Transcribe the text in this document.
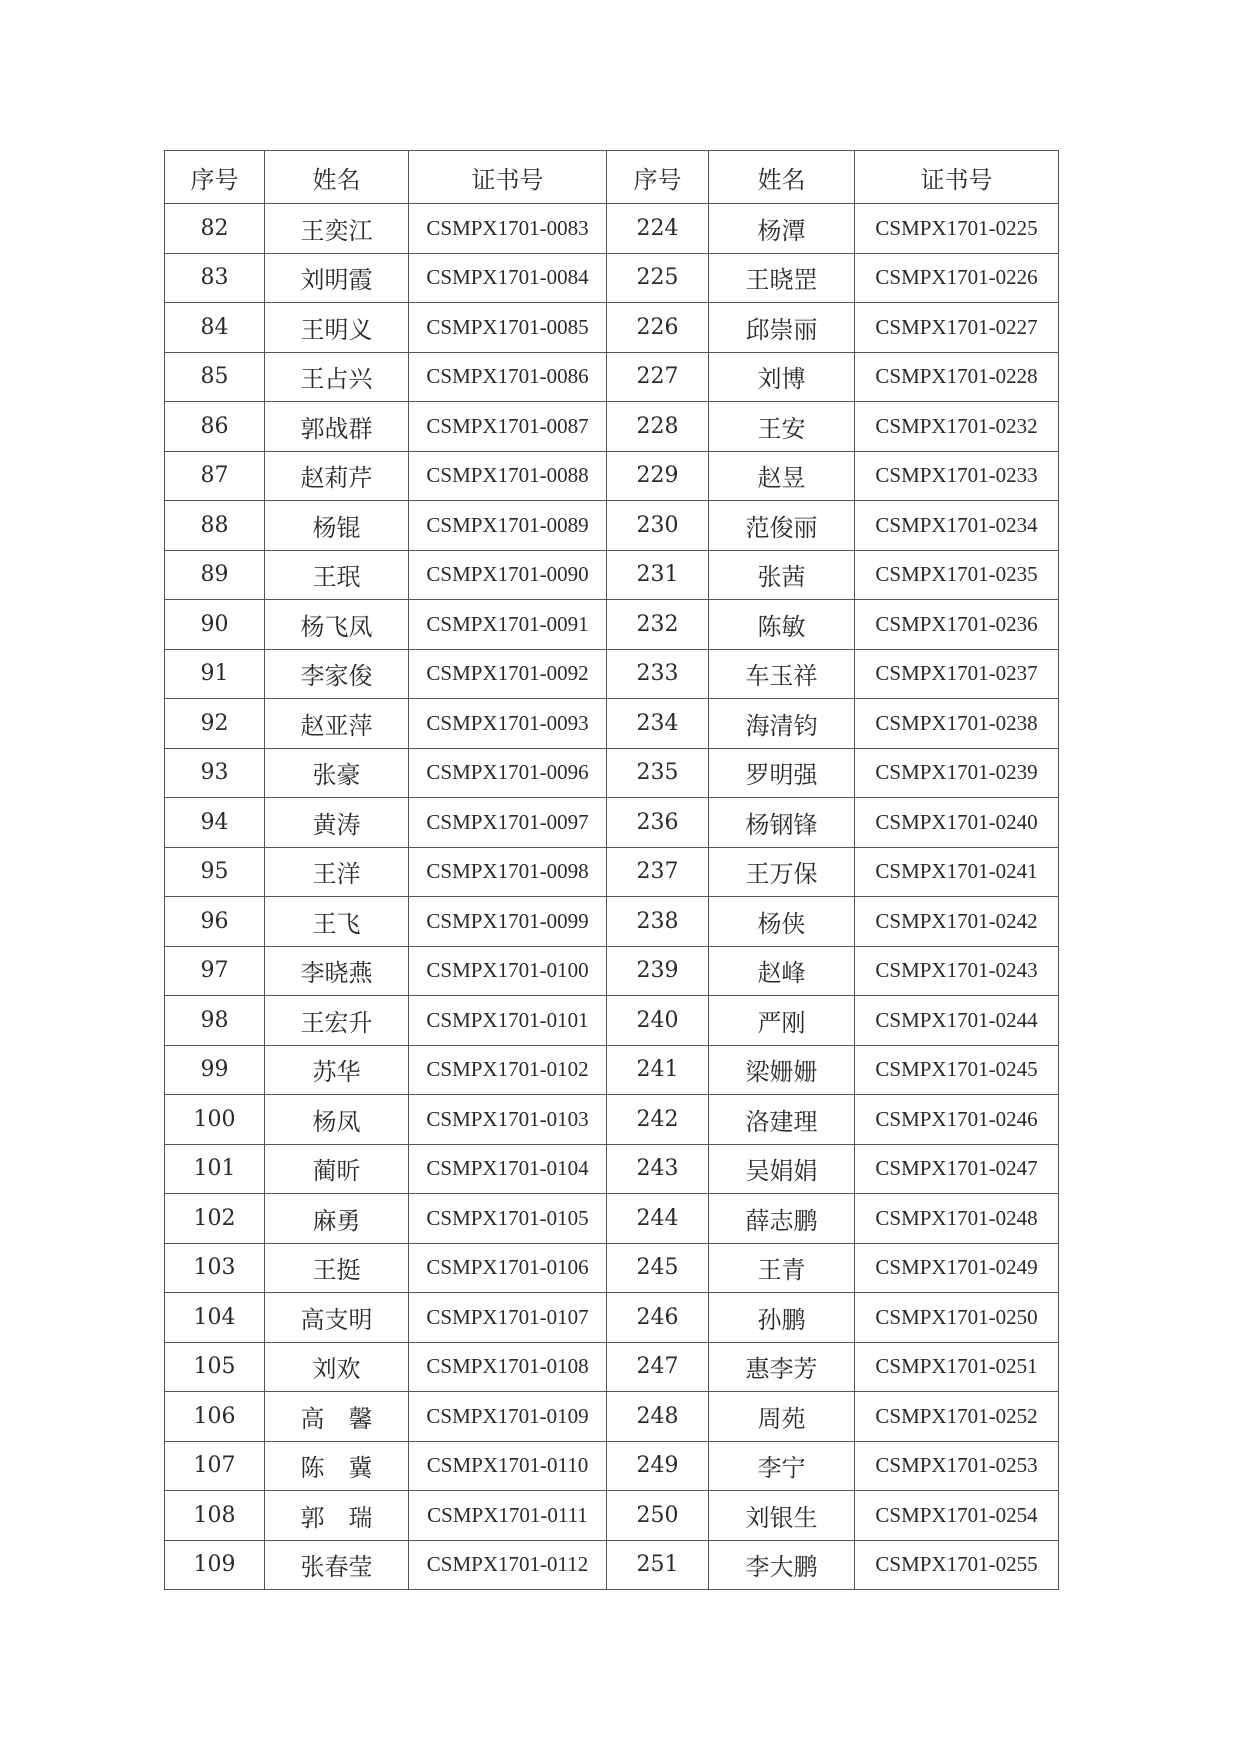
序号	姓名	证书号	序号	姓名	证书号
82	王奕江	CSMPX1701-0083	224	杨潭	CSMPX1701-0225
83	刘明霞	CSMPX1701-0084	225	王晓罡	CSMPX1701-0226
84	王明义	CSMPX1701-0085	226	邱崇丽	CSMPX1701-0227
85	王占兴	CSMPX1701-0086	227	刘博	CSMPX1701-0228
86	郭战群	CSMPX1701-0087	228	王安	CSMPX1701-0232
87	赵莉芹	CSMPX1701-0088	229	赵昱	CSMPX1701-0233
88	杨锟	CSMPX1701-0089	230	范俊丽	CSMPX1701-0234
89	王珉	CSMPX1701-0090	231	张茜	CSMPX1701-0235
90	杨飞凤	CSMPX1701-0091	232	陈敏	CSMPX1701-0236
91	李家俊	CSMPX1701-0092	233	车玉祥	CSMPX1701-0237
92	赵亚萍	CSMPX1701-0093	234	海清钧	CSMPX1701-0238
93	张豪	CSMPX1701-0096	235	罗明强	CSMPX1701-0239
94	黄涛	CSMPX1701-0097	236	杨钢锋	CSMPX1701-0240
95	王洋	CSMPX1701-0098	237	王万保	CSMPX1701-0241
96	王飞	CSMPX1701-0099	238	杨侠	CSMPX1701-0242
97	李晓燕	CSMPX1701-0100	239	赵峰	CSMPX1701-0243
98	王宏升	CSMPX1701-0101	240	严刚	CSMPX1701-0244
99	苏华	CSMPX1701-0102	241	梁姗姗	CSMPX1701-0245
100	杨凤	CSMPX1701-0103	242	洛建理	CSMPX1701-0246
101	蔺昕	CSMPX1701-0104	243	吴娟娟	CSMPX1701-0247
102	麻勇	CSMPX1701-0105	244	薛志鹏	CSMPX1701-0248
103	王挺	CSMPX1701-0106	245	王青	CSMPX1701-0249
104	高支明	CSMPX1701-0107	246	孙鹏	CSMPX1701-0250
105	刘欢	CSMPX1701-0108	247	惠李芳	CSMPX1701-0251
106	高　馨	CSMPX1701-0109	248	周苑	CSMPX1701-0252
107	陈　冀	CSMPX1701-0110	249	李宁	CSMPX1701-0253
108	郭　瑞	CSMPX1701-0111	250	刘银生	CSMPX1701-0254
109	张春莹	CSMPX1701-0112	251	李大鹏	CSMPX1701-0255
